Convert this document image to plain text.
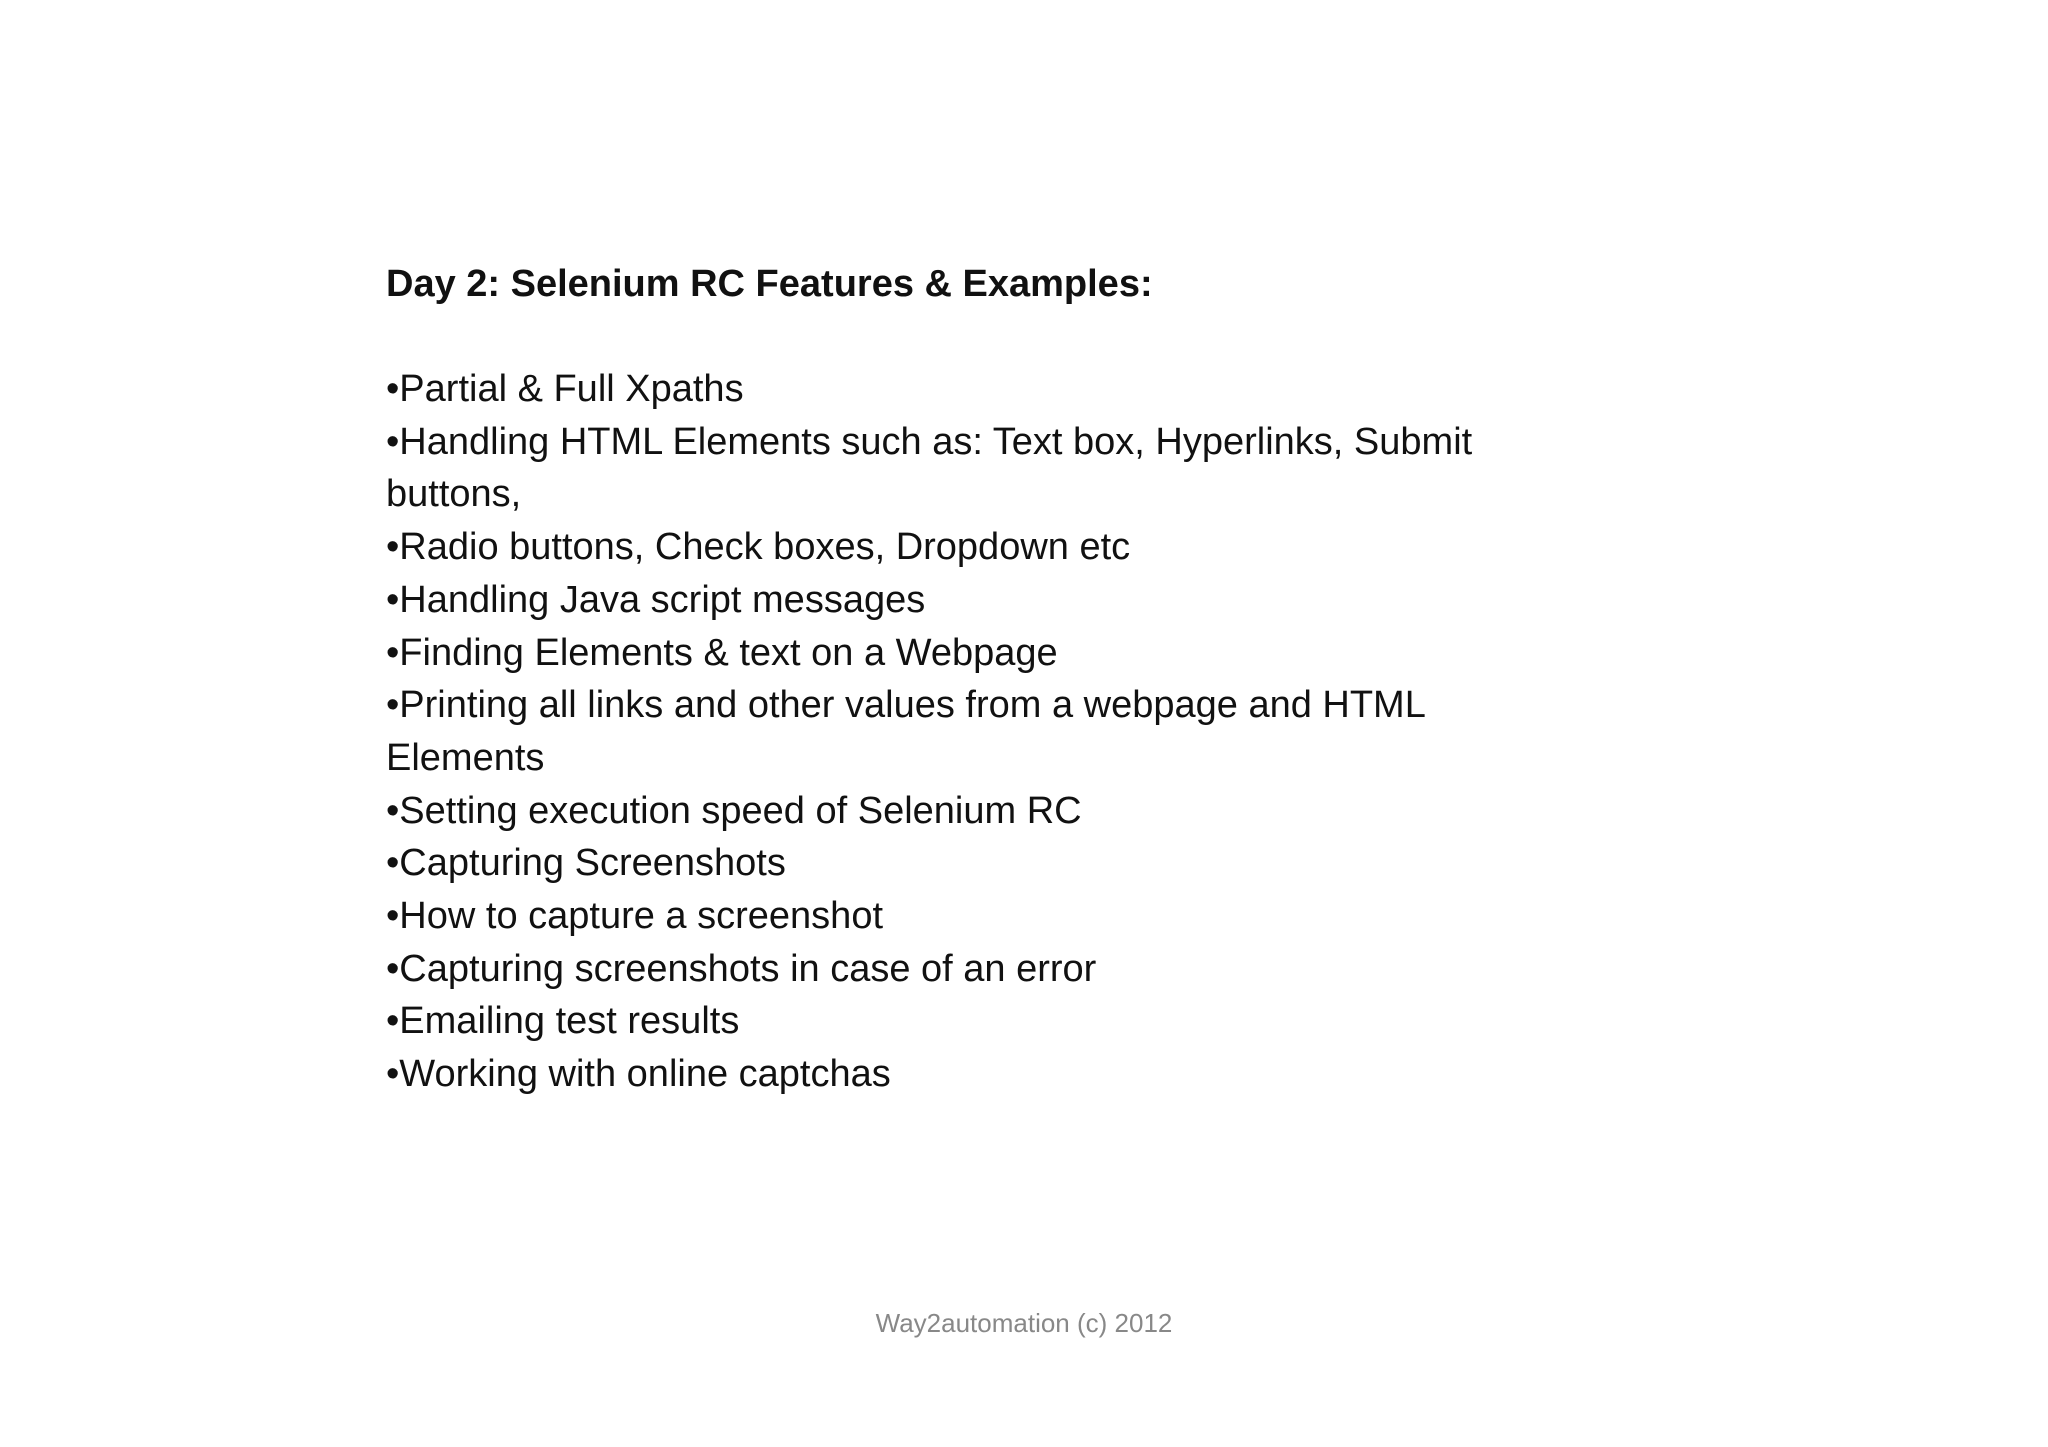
Day 2: Selenium RC Features & Examples:
•Partial & Full Xpaths
•Handling HTML Elements such as: Text box, Hyperlinks, Submit buttons,
•Radio buttons, Check boxes, Dropdown etc
•Handling Java script messages
•Finding Elements & text on a Webpage
•Printing all links and other values from a webpage and HTML Elements
•Setting execution speed of Selenium RC
•Capturing Screenshots
•How to capture a screenshot
•Capturing screenshots in case of an error
•Emailing test results
•Working with online captchas
Way2automation (c) 2012
